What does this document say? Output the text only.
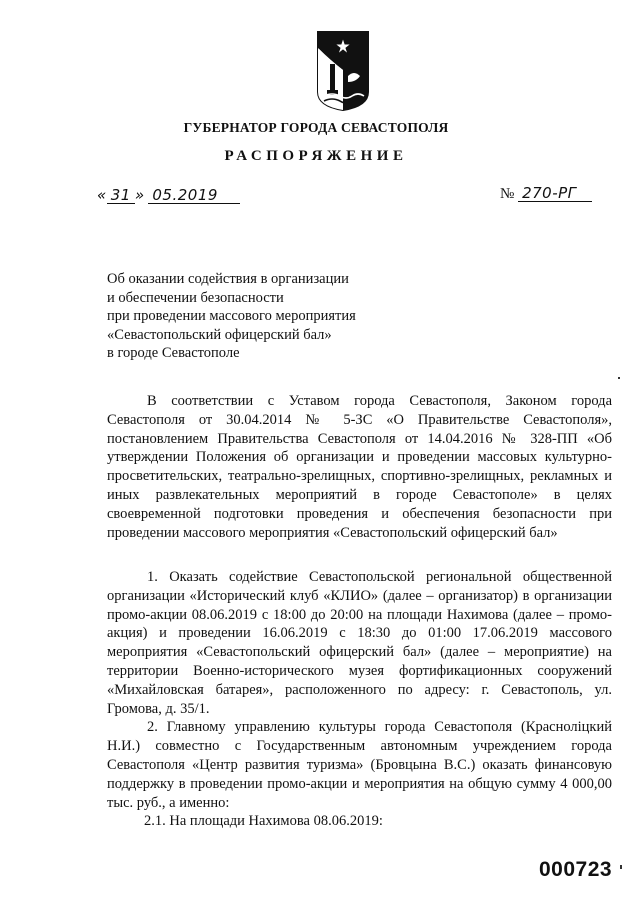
ГУБЕРНАТОР ГОРОДА СЕВАСТОПОЛЯ
РАСПОРЯЖЕНИЕ
« 31 » 05.2019	№ 270-РГ
Об оказании содействия в организации
и обеспечении безопасности
при проведении массового мероприятия
«Севастопольский офицерский бал»
в городе Севастополе

В соответствии с Уставом города Севастополя, Законом города Севастополя от 30.04.2014 № 5-ЗС «О Правительстве Севастополя», постановлением Правительства Севастополя от 14.04.2016 № 328-ПП «Об утверждении Положения об организации и проведении массовых культурно-просветительских, театрально-зрелищных, спортивно-зрелищных, рекламных и иных развлекательных мероприятий в городе Севастополе» в целях своевременной подготовки проведения и обеспечения безопасности при проведении массового мероприятия «Севастопольский офицерский бал»

1. Оказать содействие Севастопольской региональной общественной организации «Исторический клуб «КЛИО» (далее – организатор) в организации промо-акции 08.06.2019 с 18:00 до 20:00 на площади Нахимова (далее – промо-акция) и проведении 16.06.2019 с 18:30 до 01:00 17.06.2019 массового мероприятия «Севастопольский офицерский бал» (далее – мероприятие) на территории Военно-исторического музея фортификационных сооружений «Михайловская батарея», расположенного по адресу: г. Севастополь, ул. Громова, д. 35/1.

2. Главному управлению культуры города Севастополя (Красноліцкий Н.И.) совместно с Государственным автономным учреждением города Севастополя «Центр развития туризма» (Бровцына В.С.) оказать финансовую поддержку в проведении промо-акции и мероприятия на общую сумму 4 000,00 тыс. руб., а именно:

2.1. На площади Нахимова 08.06.2019:

000723
